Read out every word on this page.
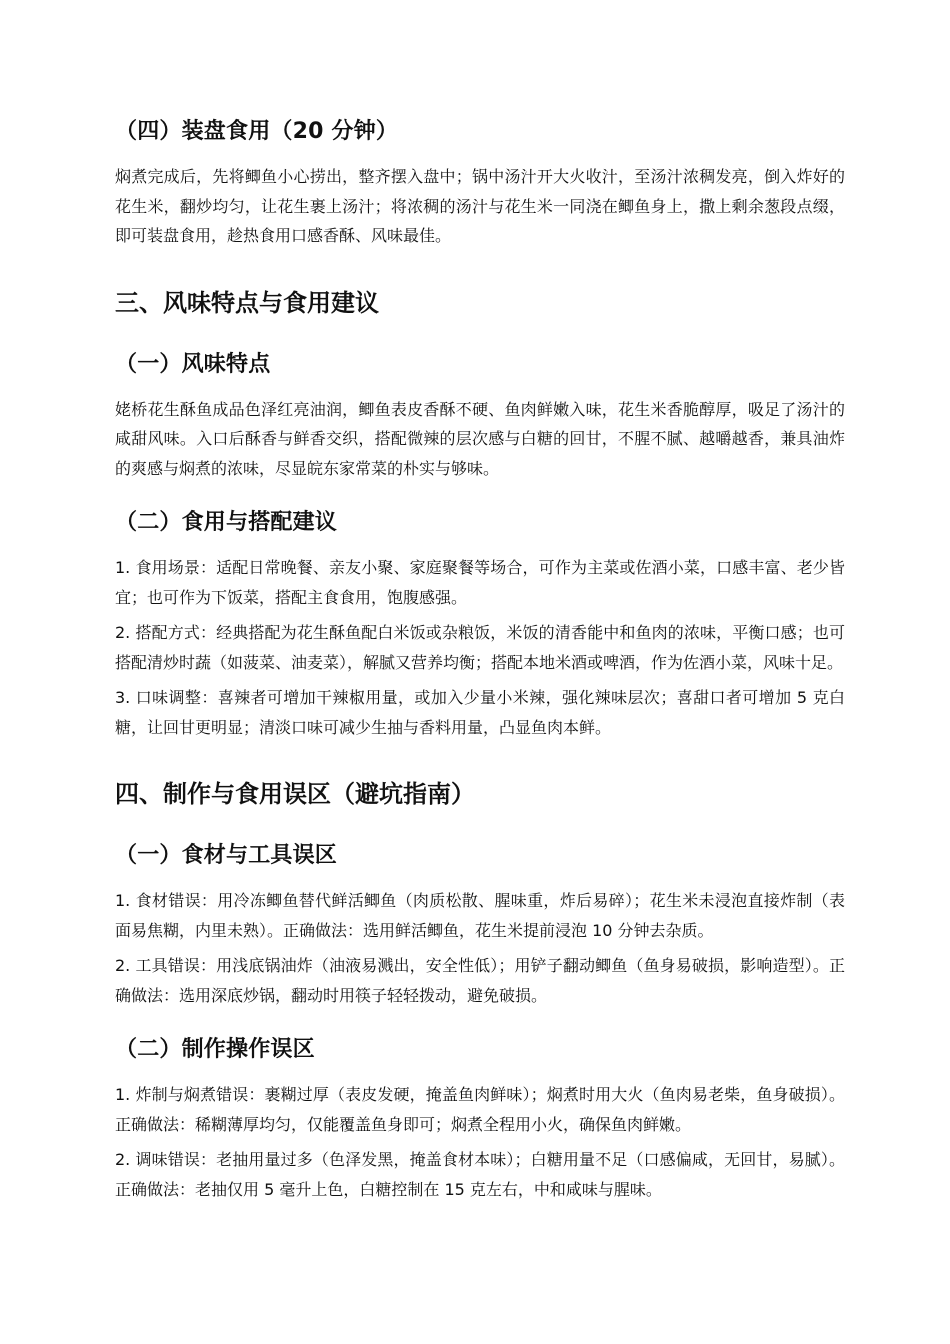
（四）装盘食用（20 分钟）

焖煮完成后，先将鲫鱼小心捞出，整齐摆入盘中；锅中汤汁开大火收汁，至汤汁浓稠发亮，倒入炸好的花生米，翻炒均匀，让花生裹上汤汁；将浓稠的汤汁与花生米一同浇在鲫鱼身上，撒上剩余葱段点缀，即可装盘食用，趁热食用口感香酥、风味最佳。

三、风味特点与食用建议
（一）风味特点

姥桥花生酥鱼成品色泽红亮油润，鲫鱼表皮香酥不硬、鱼肉鲜嫩入味，花生米香脆醇厚，吸足了汤汁的咸甜风味。入口后酥香与鲜香交织，搭配微辣的层次感与白糖的回甘，不腥不腻、越嚼越香，兼具油炸的爽感与焖煮的浓味，尽显皖东家常菜的朴实与够味。

（二）食用与搭配建议

1. 食用场景：适配日常晚餐、亲友小聚、家庭聚餐等场合，可作为主菜或佐酒小菜，口感丰富、老少皆宜；也可作为下饭菜，搭配主食食用，饱腹感强。

2. 搭配方式：经典搭配为花生酥鱼配白米饭或杂粮饭，米饭的清香能中和鱼肉的浓味，平衡口感；也可搭配清炒时蔬（如菠菜、油麦菜），解腻又营养均衡；搭配本地米酒或啤酒，作为佐酒小菜，风味十足。

3. 口味调整：喜辣者可增加干辣椒用量，或加入少量小米辣，强化辣味层次；喜甜口者可增加 5 克白糖，让回甘更明显；清淡口味可减少生抽与香料用量，凸显鱼肉本鲜。

四、制作与食用误区（避坑指南）
（一）食材与工具误区

1. 食材错误：用冷冻鲫鱼替代鲜活鲫鱼（肉质松散、腥味重，炸后易碎）；花生米未浸泡直接炸制（表面易焦糊，内里未熟）。正确做法：选用鲜活鲫鱼，花生米提前浸泡 10 分钟去杂质。

2. 工具错误：用浅底锅油炸（油液易溅出，安全性低）；用铲子翻动鲫鱼（鱼身易破损，影响造型）。正确做法：选用深底炒锅，翻动时用筷子轻轻拨动，避免破损。

（二）制作操作误区

1. 炸制与焖煮错误：裹糊过厚（表皮发硬，掩盖鱼肉鲜味）；焖煮时用大火（鱼肉易老柴，鱼身破损）。正确做法：稀糊薄厚均匀，仅能覆盖鱼身即可；焖煮全程用小火，确保鱼肉鲜嫩。

2. 调味错误：老抽用量过多（色泽发黑，掩盖食材本味）；白糖用量不足（口感偏咸，无回甘，易腻）。正确做法：老抽仅用 5 毫升上色，白糖控制在 15 克左右，中和咸味与腥味。
